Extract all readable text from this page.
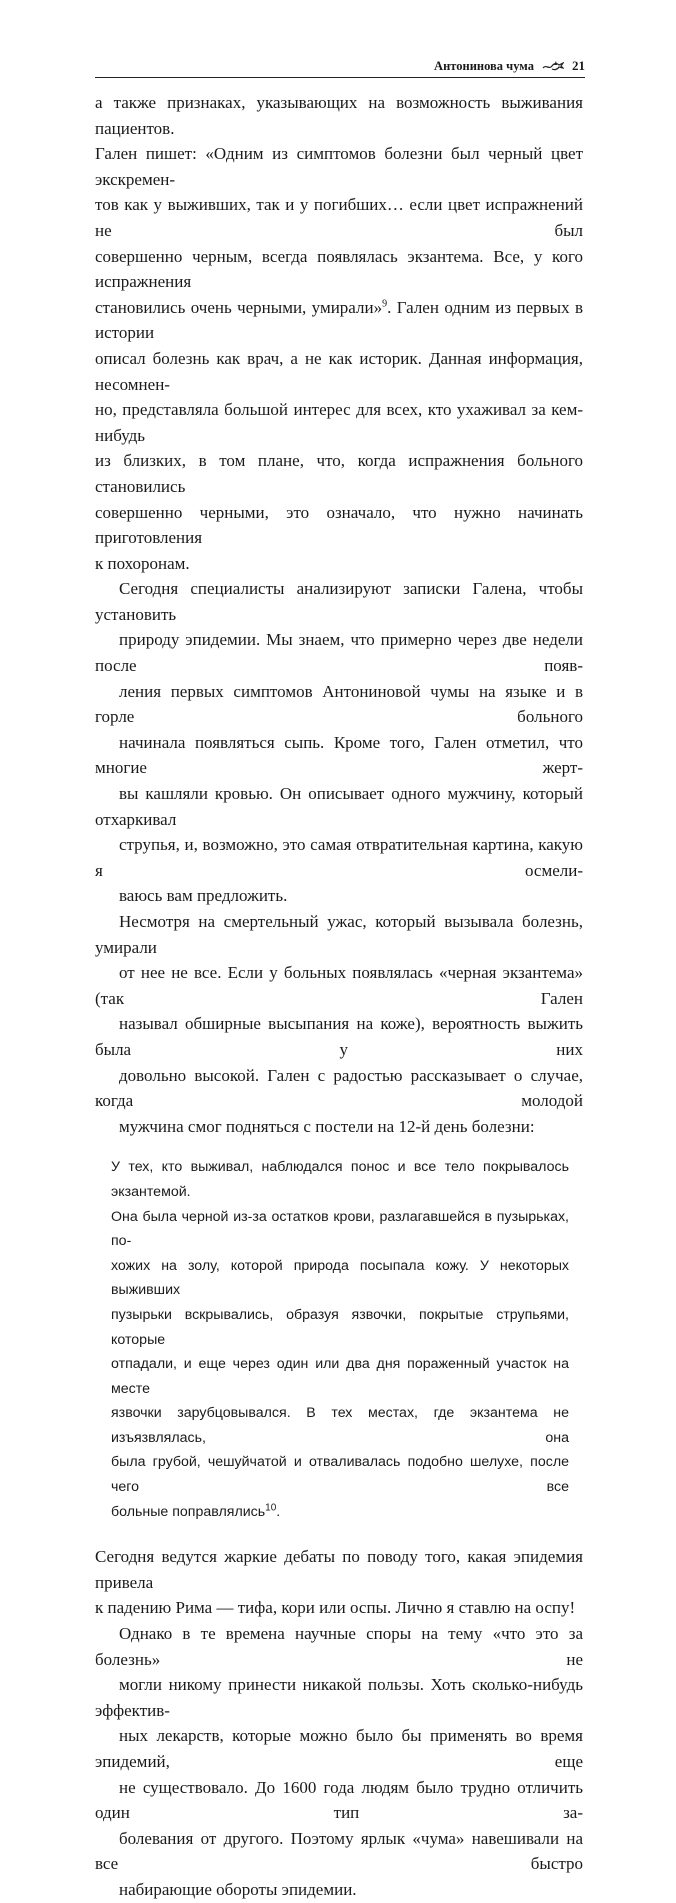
Антонинова чума	21
а также признаках, указывающих на возможность выживания пациентов.
Гален пишет: «Одним из симптомов болезни был черный цвет экскремен-
тов как у выживших, так и у погибших… если цвет испражнений не был
совершенно черным, всегда появлялась экзантема. Все, у кого испражнения
становились очень черными, умирали»$^9$. Гален одним из первых в истории
описал болезнь как врач, а не как историк. Данная информация, несомнен-
но, представляла большой интерес для всех, кто ухаживал за кем-нибудь
из близких, в том плане, что, когда испражнения больного становились
совершенно черными, это означало, что нужно начинать приготовления
к похоронам.
Сегодня специалисты анализируют записки Галена, чтобы установить
природу эпидемии. Мы знаем, что примерно через две недели после появ-
ления первых симптомов Антониновой чумы на языке и в горле больного
начинала появляться сыпь. Кроме того, Гален отметил, что многие жерт-
вы кашляли кровью. Он описывает одного мужчину, который отхаркивал
струпья, и, возможно, это самая отвратительная картина, какую я осмели-
ваюсь вам предложить.
Несмотря на смертельный ужас, который вызывала болезнь, умирали
от нее не все. Если у больных появлялась «черная экзантема» (так Гален
называл обширные высыпания на коже), вероятность выжить была у них
довольно высокой. Гален с радостью рассказывает о случае, когда молодой
мужчина смог подняться с постели на 12-й день болезни:
У тех, кто выживал, наблюдался понос и все тело покрывалось экзантемой.
Она была черной из-за остатков крови, разлагавшейся в пузырьках, по-
хожих на золу, которой природа посыпала кожу. У некоторых выживших
пузырьки вскрывались, образуя язвочки, покрытые струпьями, которые
отпадали, и еще через один или два дня пораженный участок на месте
язвочки зарубцовывался. В тех местах, где экзантема не изъязвлялась, она
была грубой, чешуйчатой и отваливалась подобно шелухе, после чего все
больные поправлялись$^{10}$.
Сегодня ведутся жаркие дебаты по поводу того, какая эпидемия привела
к падению Рима — тифа, кори или оспы. Лично я ставлю на оспу!
Однако в те времена научные споры на тему «что это за болезнь» не
могли никому принести никакой пользы. Хоть сколько-нибудь эффектив-
ных лекарств, которые можно было бы применять во время эпидемий, еще
не существовало. До 1600 года людям было трудно отличить один тип за-
болевания от другого. Поэтому ярлык «чума» навешивали на все быстро
набирающие обороты эпидемии.
